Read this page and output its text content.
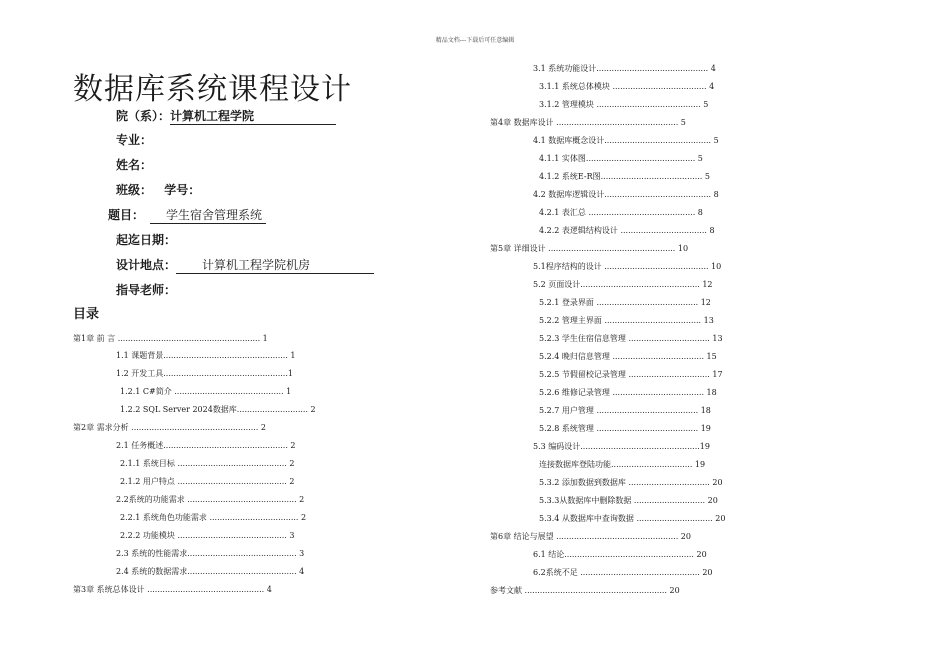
精品文档---下载后可任意编辑
数据库系统课程设计
院（系）：计算机工程学院
专业：
姓名：
班级： 学号：
题目： 学生宿舍管理系统
起迄日期：
设计地点： 计算机工程学院机房
指导老师：
目录
第1章 前 言 ........................................................ 1
1.1 课题背景................................................. 1
1.2 开发工具.................................................1
1.2.1 C#简介 ........................................... 1
1.2.2 SQL Server 2024数据库............................ 2
第2章 需求分析 .................................................. 2
2.1 任务概述................................................. 2
2.1.1 系统目标 ........................................... 2
2.1.2 用户特点 ........................................... 2
2.2系统的功能需求 ........................................... 2
2.2.1 系统角色功能需求 ................................... 2
2.2.2 功能模块 ........................................... 3
2.3 系统的性能需求........................................... 3
2.4 系统的数据需求........................................... 4
第3章 系统总体设计 .............................................. 4
3.1 系统功能设计............................................ 4
3.1.1 系统总体模块 ..................................... 4
3.1.2 管理模块 ......................................... 5
第4章 数据库设计 ................................................ 5
4.1 数据库概念设计.......................................... 5
4.1.1 实体图........................................... 5
4.1.2 系统E-R图........................................ 5
4.2 数据库逻辑设计.......................................... 8
4.2.1 表汇总 .......................................... 8
4.2.2 表逻辑结构设计 .................................. 8
第5章 详细设计 .................................................. 10
5.1程序结构的设计 ......................................... 10
5.2 页面设计............................................... 12
5.2.1 登录界面 ........................................ 12
5.2.2 管理主界面 ...................................... 13
5.2.3 学生住宿信息管理 ................................ 13
5.2.4 晚归信息管理 .................................... 15
5.2.5 节假留校记录管理 ................................ 17
5.2.6 维修记录管理 .................................... 18
5.2.7 用户管理 ........................................ 18
5.2.8 系统管理 ........................................ 19
5.3 编码设计...............................................19
连接数据库登陆功能................................ 19
5.3.2 添加数据到数据库 ................................ 20
5.3.3从数据库中删除数据 ............................ 20
5.3.4 从数据库中查询数据 .............................. 20
第6章 结论与展望 ................................................ 20
6.1 结论................................................... 20
6.2系统不足 ............................................... 20
参考文献 ........................................................ 20
